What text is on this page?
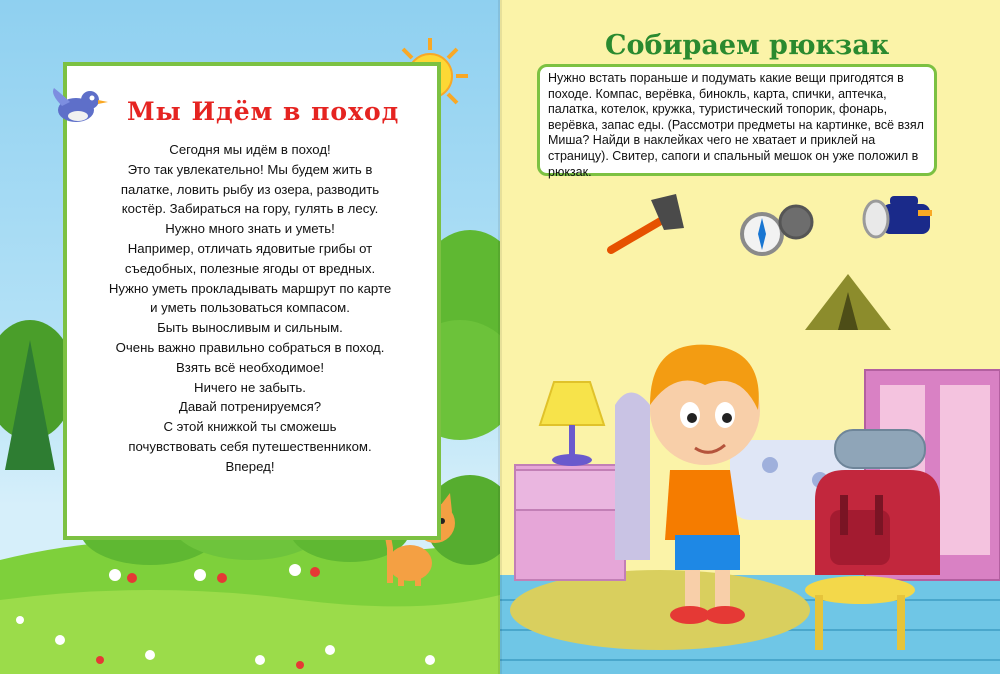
Мы Идём в поход
Сегодня мы идём в поход!
Это так увлекательно! Мы будем жить в
палатке, ловить рыбу из озера, разводить
костёр. Забираться на гору, гулять в лесу.
Нужно много знать и уметь!
Например, отличать ядовитые грибы от
съедобных, полезные ягоды от вредных.
Нужно уметь прокладывать маршрут по карте
и уметь пользоваться компасом.
Быть выносливым и сильным.
Очень важно правильно собраться в поход.
Взять всё необходимое!
Ничего не забыть.
Давай потренируемся?
С этой книжкой ты сможешь
почувствовать себя путешественником.
Вперед!
Собираем рюкзак
Нужно встать пораньше и подумать какие вещи пригодятся в походе. Компас, верёвка, бинокль, карта, спички, аптечка, палатка, котелок, кружка, туристический топорик, фонарь, верёвка, запас еды. (Рассмотри предметы на картинке, всё взял Миша? Найди в наклейках чего не хватает и приклей на страницу). Свитер, сапоги и спальный мешок он уже положил в рюкзак.
